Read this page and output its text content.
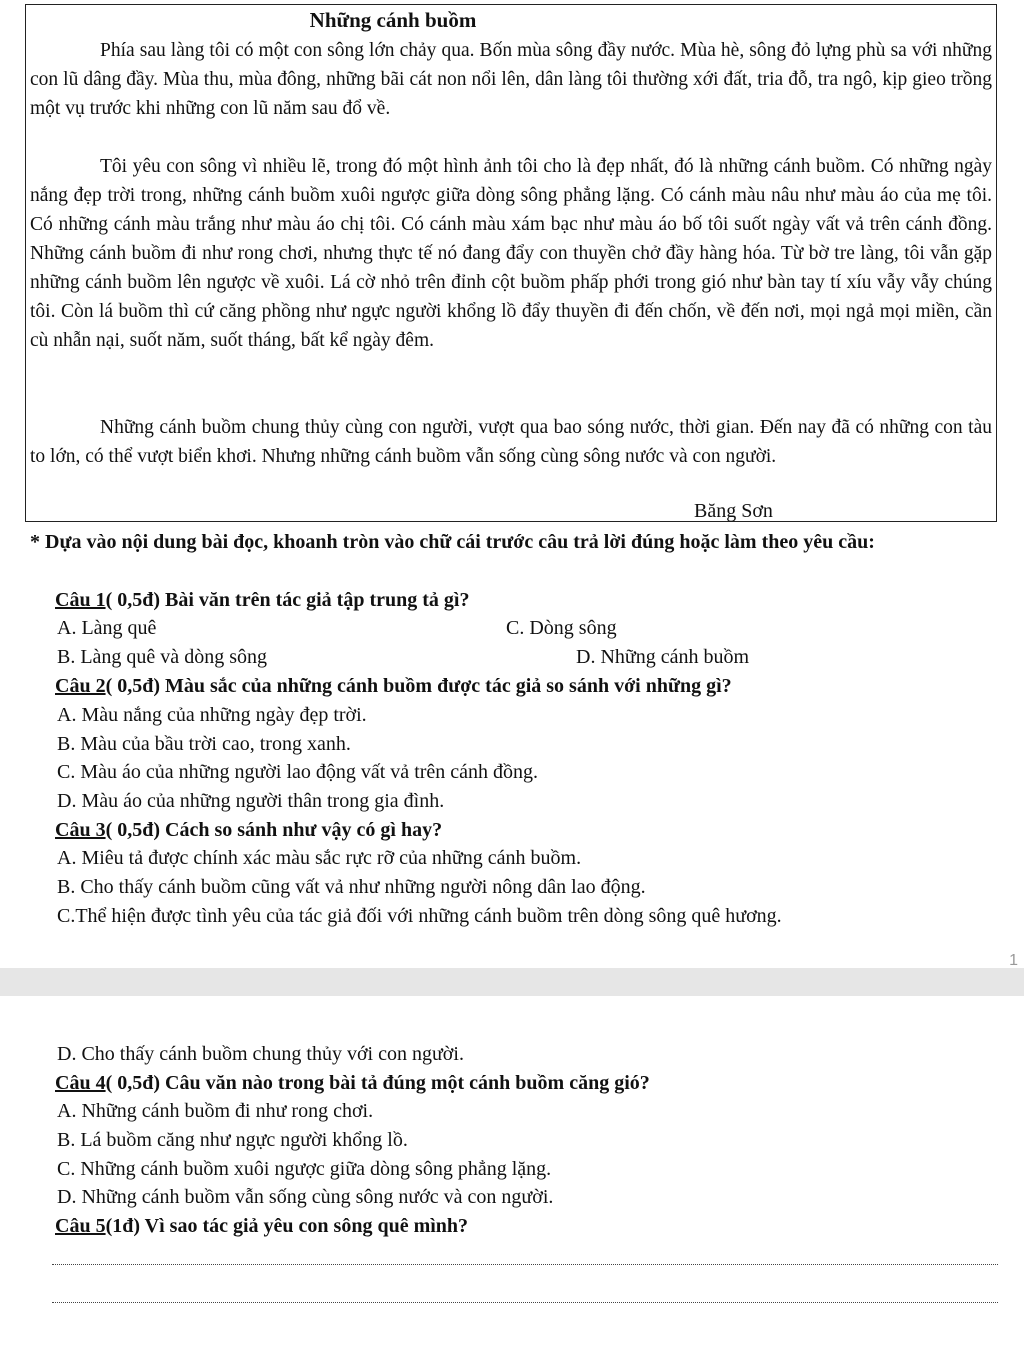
Những cánh buồm
Phía sau làng tôi có một con sông lớn chảy qua. Bốn mùa sông đầy nước. Mùa hè, sông đỏ lựng phù sa với những con lũ dâng đầy. Mùa thu, mùa đông, những bãi cát non nổi lên, dân làng tôi thường xới đất, tria đỗ, tra ngô, kịp gieo trồng một vụ trước khi những con lũ năm sau đổ về.
Tôi yêu con sông vì nhiều lẽ, trong đó một hình ảnh tôi cho là đẹp nhất, đó là những cánh buồm. Có những ngày nắng đẹp trời trong, những cánh buồm xuôi ngược giữa dòng sông phẳng lặng. Có cánh màu nâu như màu áo của mẹ tôi. Có những cánh màu trắng như màu áo chị tôi. Có cánh màu xám bạc như màu áo bố tôi suốt ngày vất vả trên cánh đồng. Những cánh buồm đi như rong chơi, nhưng thực tế nó đang đẩy con thuyền chở đầy hàng hóa. Từ bờ tre làng, tôi vẫn gặp những cánh buồm lên ngược về xuôi. Lá cờ nhỏ trên đỉnh cột buồm phấp phới trong gió như bàn tay tí xíu vẫy vẫy chúng tôi. Còn lá buồm thì cứ căng phồng như ngực người khổng lồ đẩy thuyền đi đến chốn, về đến nơi, mọi ngả mọi miền, cần cù nhẫn nại, suốt năm, suốt tháng, bất kể ngày đêm.
Những cánh buồm chung thủy cùng con người, vượt qua bao sóng nước, thời gian. Đến nay đã có những con tàu to lớn, có thể vượt biển khơi. Nhưng những cánh buồm vẫn sống cùng sông nước và con người.
Băng Sơn
* Dựa vào nội dung bài đọc, khoanh tròn vào chữ cái trước câu trả lời đúng hoặc làm theo yêu cầu:
Câu 1( 0,5đ) Bài văn trên tác giả tập trung tả gì?
A. Làng quê	C. Dòng sông
B. Làng quê và dòng sông	D. Những cánh buồm
Câu 2( 0,5đ) Màu sắc của những cánh buồm được tác giả so sánh với những gì?
A. Màu nắng của những ngày đẹp trời.
B. Màu của bầu trời cao, trong xanh.
C. Màu áo của những người lao động vất vả trên cánh đồng.
D. Màu áo của những người thân trong gia đình.
Câu 3( 0,5đ) Cách so sánh như vậy có gì hay?
A. Miêu tả được chính xác màu sắc rực rỡ của những cánh buồm.
B. Cho thấy cánh buồm cũng vất vả như những người nông dân lao động.
C.Thể hiện được tình yêu của tác giả đối với những cánh buồm trên dòng sông quê hương.
1
D. Cho thấy cánh buồm chung thủy với con người.
Câu 4( 0,5đ) Câu văn nào trong bài tả đúng một cánh buồm căng gió?
A. Những cánh buồm đi như rong chơi.
B. Lá buồm căng như ngực người khổng lồ.
C. Những cánh buồm xuôi ngược giữa dòng sông phẳng lặng.
D. Những cánh buồm vẫn sống cùng sông nước và con người.
Câu 5(1đ) Vì sao tác giả yêu con sông quê mình?
